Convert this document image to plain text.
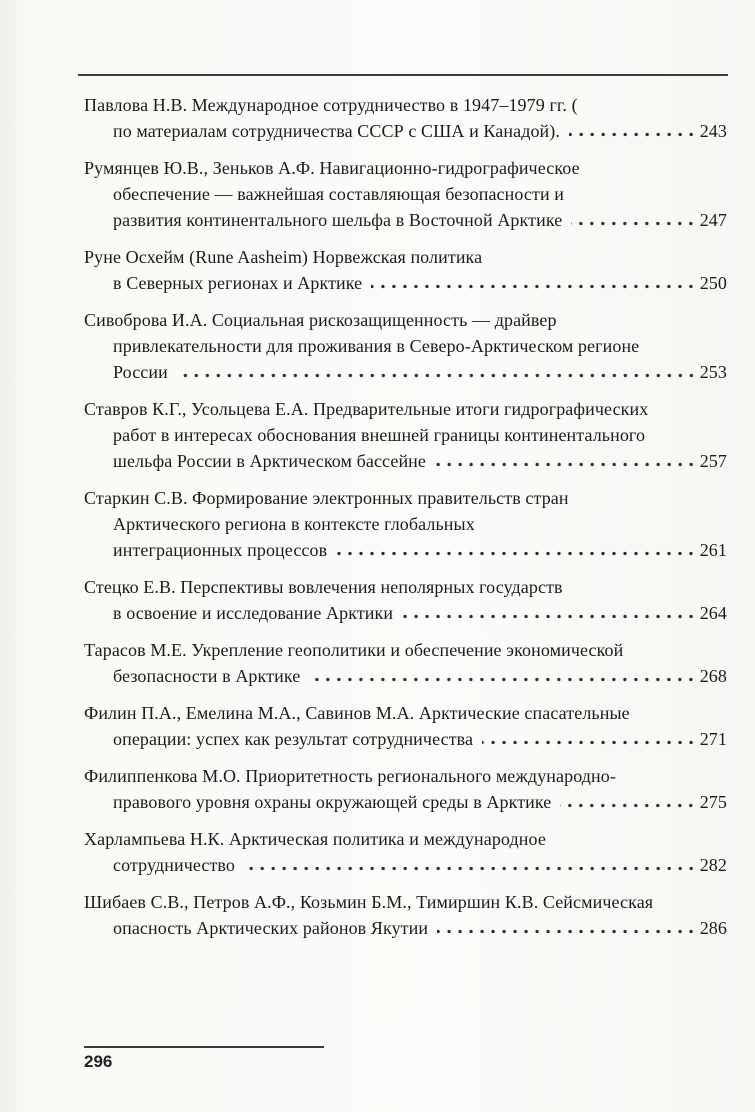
Павлова Н.В. Международное сотрудничество в 1947–1979 гг. (
по материалам сотрудничества СССР с США и Канадой).	243
Румянцев Ю.В., Зеньков А.Ф. Навигационно-гидрографическое
обеспечение — важнейшая составляющая безопасности и
развития континентального шельфа в Восточной Арктике	247
Руне Осхейм (Rune Aasheim) Норвежская политика
в Северных регионах и Арктике	250
Сивоброва И.А. Социальная рискозащищенность — драйвер
привлекательности для проживания в Северо-Арктическом регионе
России	253
Ставров К.Г., Усольцева Е.А. Предварительные итоги гидрографических
работ в интересах обоснования внешней границы континентального
шельфа России в Арктическом бассейне	257
Старкин С.В. Формирование электронных правительств стран
Арктического региона в контексте глобальных
интеграционных процессов	261
Стецко Е.В. Перспективы вовлечения неполярных государств
в освоение и исследование Арктики	264
Тарасов М.Е. Укрепление геополитики и обеспечение экономической
безопасности в Арктике	268
Филин П.А., Емелина М.А., Савинов М.А. Арктические спасательные
операции: успех как результат сотрудничества	271
Филиппенкова М.О. Приоритетность регионального международно-
правового уровня охраны окружающей среды в Арктике	275
Харлампьева Н.К. Арктическая политика и международное
сотрудничество	282
Шибаев С.В., Петров А.Ф., Козьмин Б.М., Тимиршин К.В. Сейсмическая
опасность Арктических районов Якутии	286
296
